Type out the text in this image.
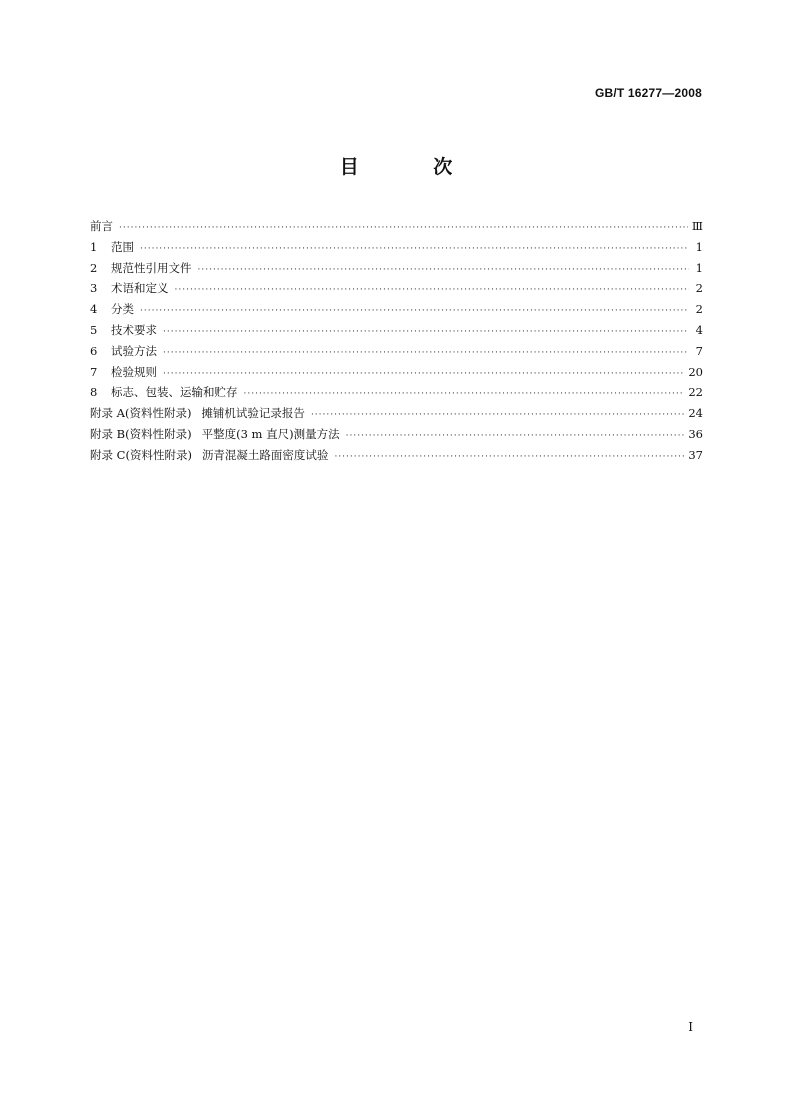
GB/T 16277—2008
目 次
前言 ·····	Ⅲ
1	范围 ·····	1
2	规范性引用文件 ·····	1
3	术语和定义 ·····	2
4	分类 ·····	2
5	技术要求 ·····	4
6	试验方法 ·····	7
7	检验规则 ·····	20
8	标志、包装、运输和贮存 ·····	22
附录 A(资料性附录) 摊铺机试验记录报告 ·····	24
附录 B(资料性附录) 平整度(3 m 直尺)测量方法 ·····	36
附录 C(资料性附录) 沥青混凝土路面密度试验 ·····	37
I
